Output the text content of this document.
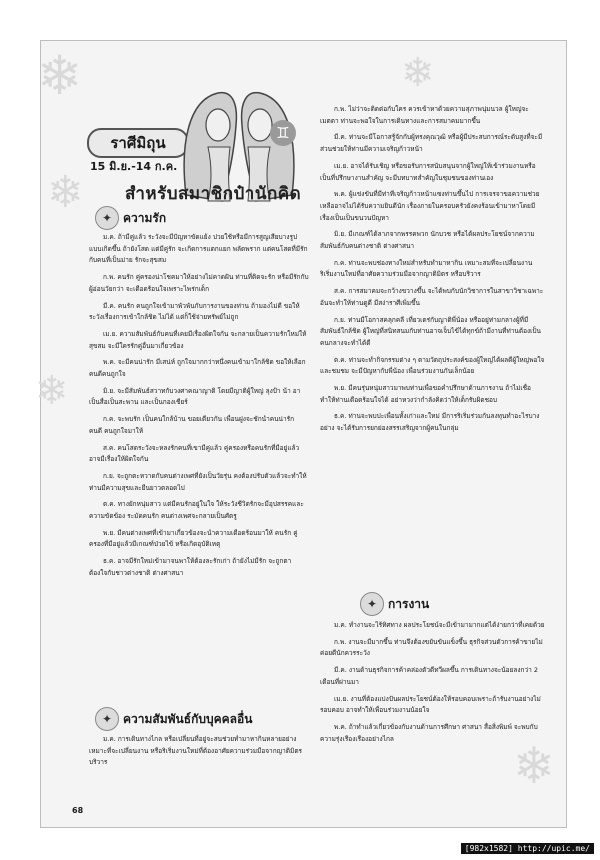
❄
❄
❄
❄
❄
ราศีมิถุน
15 มิ.ย.-14 ก.ค.
♊
สำหรับสมาชิกป๋านักคิด
✦ ความรัก

ม.ค. ถ้ามีคู่แล้ว ระวังจะมีปัญหาขัดแย้ง ปวยใช้หรือมีการสูญเสียบางรูปแบบเกิดขึ้น ถ้ายังโสด แต่มีคู่รัก จะเกิดการแตกแยก พลัดพราก แต่คนโสดที่มีรักกับคนที่เป็นม่าย รักจะสุขสม

ก.พ. คนรัก คู่ครองน่าโชคมาให้อย่างไม่คาดฝัน ท่านที่ติดจะรัก หรือมีรักกับผู้อ่อนวัยกว่า จะเดือดร้อนใจเพราะไพร่กเด็ก

มี.ค. คนรัก คนถูกใจเข้ามาพัวพันกับการงานของท่าน ถ้ามองไม่ดี ขอให้ระวังเรื่องการเข้าใกล้ชิด ไม่ได้ แต่ก็ใช้จ่ายทรัพย์ไม่ถูก

เม.ย. ความสัมพันธ์กับคนที่เคยมีเรื่องผิดใจกัน จะกลายเป็นความรักใหม่ให้สุขสม จะมีใครรักคู่อื่นมาเกี่ยวข้อง

พ.ค. จะมีคนน่ารัก มีเสน่ห์ ถูกใจมากกว่าหนึ่งคนเข้ามาใกล้ชิด ขอให้เลือกคนดีคนถูกใจ

มิ.ย. จะมีสัมพันธ์สวาทกับวงศาคณาญาติ โดยมีญาติผู้ใหญ่ ลุงป้า น้า อา เป็นสื่อเป็นสะพาน และเป็นกองเชียร์

ก.ค. จะพบรัก เป็นคนใกล้บ้าน ขอยเดียวกัน เพื่อนฝูงจะชักนำคนน่ารัก คนดี คนถูกใจมาให้

ส.ค. คนโสดระวังจะหลงรักคนที่เขามีคู่แล้ว คู่ครองหรือคนรักที่มีอยู่แล้วอาจมีเรื่องให้ผิดใจกัน

ก.ย. จะถูกตะหวาดกับคนต่างเพศที่ยังเป็นวัยรุ่น คงต้องปรับตัวแล้วจะทำให้ท่านมีความสุขและยืนยาวตลอดไป

ต.ค. ทางยักหนุ่มสาว แต่มีคนรักอยู่ในใจ ให้ระวังชีวิตรักจะมีอุปสรรคและความขัดข้อง ระมัดคนรัก คนต่างเพศจะกลายเป็นศัตรู

พ.ย. มีคนต่างเพศที่เข้ามาเกี่ยวข้องจะนำความเดือดร้อนมาให้ คนรัก คู่ครองที่มีอยู่แล้วมีเกณฑ์ป่วยไข้ หรือเกิดอุบัติเหตุ

ธ.ค. อาจมีรักใหม่เข้ามาจนพาให้ต้องละรักเก่า ถ้ายังไม่มีรัก จะถูกตาต้องใจกับชาวต่างชาติ ต่างศาสนา

✦ ความสัมพันธ์กับบุคคลอื่น

ม.ค. การเดินทางไกล หรือเปลี่ยนที่อยู่จะสนช่วยทำมาหากินหลายอย่าง เหมาะที่จะเปลี่ยนงาน หรือริเริ่มงานใหม่ที่ต้องอาศัยความร่วมมือจากญาติมิตร บริวาร

ก.พ. ไม่ว่าจะติดต่อกับใคร ควรเข้าหาด้วยความสุภาพนุ่มนวล ผู้ใหญ่จะเมตตา ท่านจะพอใจในการเดินทางและการสมาคมมากขึ้น

มี.ค. ท่านจะมีโอกาสรู้จักกับผู้ทรงคุณวุฒิ หรือผู้มีประสบการณ์ระดับสูงที่จะมีส่วนช่วยให้ท่านมีความเจริญก้าวหน้า

เม.ย. อาจได้รับเชิญ หรือขอรับการสนับสนุนจากผู้ใหญ่ให้เข้าร่วมงานหรือเป็นที่ปรึกษางานสำคัญ จะมีบทบาทสำคัญในชุมชนของท่านเอง

พ.ค. ผู้แข่งขันที่มีท่าทีเจริญก้าวหน้าแซงท่านขึ้นไป การเจรจาขอความช่วยเหลืออาจไม่ได้รับความยินดีนัก เรื่องภายในครอบครัวยังคงร้อนเข้ามาหาโดยมีเรื่องเป็นเป็นขนวนปัญหา

มิ.ย. มีเกณฑ์ได้ลาภจากพรรคพวก นักบวช หรือได้ผลประโยชน์จากความสัมพันธ์กับคนต่างชาติ ต่างศาสนา

ก.ค. ท่านจะพบช่องทางใหม่สำหรับทำมาหากิน เหมาะสมที่จะเปลี่ยนงาน ริเริ่มงานใหม่ที่อาศัยความร่วมมือจากญาติมิตร หรือบริวาร

ส.ค. การสมาคมจะกว้างขวางขึ้น จะได้พบกับนักวิชาการในสาขาวิชาเฉพาะอันจะทำให้ท่านดูดี มีสง่าราศีเพิ่มขึ้น

ก.ย. ท่านมีโอกาสคลุกคลี เที่ยวเตร่กับญาติพี่น้อง หรืออยู่ท่ามกลางผู้ที่มีสัมพันธ์ใกล้ชิด ผู้ใหญ่ที่สนิทสนมกับท่านอาจเจ็บไข้ได้ทุกข์ถ้ามีงานที่ท่านต้องเป็นคนกลางจะทำได้ดี

ต.ค. ท่านจะทำกิจกรรมต่าง ๆ ตามวัตถุประสงค์ของผู้ใหญ่ได้ผลดีผู้ใหญ่พอใจและชมชม จะมีปัญหากับพี่น้อง เพื่อนร่วมงานกันเล็กน้อย

พ.ย. มีคนรุ่นหนุ่มสาวมาพบท่านเพื่อขอคำปรึกษาด้านการงาน ถ้าไม่เชื่อทำให้ท่านเดือดร้อนใจได้ อย่าหวงว่ากำลังคิดว่าให้เด็กรับผิดชอบ

ธ.ค. ท่านจะพบปะเพื่อนทั้งเก่าและใหม่ มีการริเริ่มร่วมกันลงทุนทำอะไรบางอย่าง จะได้รับการยกย่องสรรเสริญจากผู้คนในกลุ่ม

✦ การงาน

ม.ค. ทำงานจะไร้ทิศทาง ผลประโยชน์จะมีเข้ามามากแต่ได้ง่ายกว่าที่เคยด้วย

ก.พ. งานจะมีมากขึ้น ท่านจึงต้องขยันขันแข็งขึ้น ธุรกิจส่วนตัวการค้าขายไม่ค่อยดีนักควรระวัง

มี.ค. งานด้านธุรกิจการค้าคล่องตัวดีทวีผลขึ้น การเดินทางจะน้อยลงกว่า 2 เดือนที่ผ่านมา

เม.ย. งานที่ต้องแบ่งปันผลประโยชน์ต้องให้รอบคอบเพราะถ้ารับงานอย่างไม่รอบคอบ อาจทำให้เพื่อนร่วมงานน้อยใจ

พ.ค. ถ้าทำแล้วเกี่ยวข้องกับงานด้านการศึกษา ศาสนา สื่อสิ่งพิมพ์ จะพบกับความรุ่งเรืองเรืองอย่างไกล

68
[982x1582] http://upic.me/
